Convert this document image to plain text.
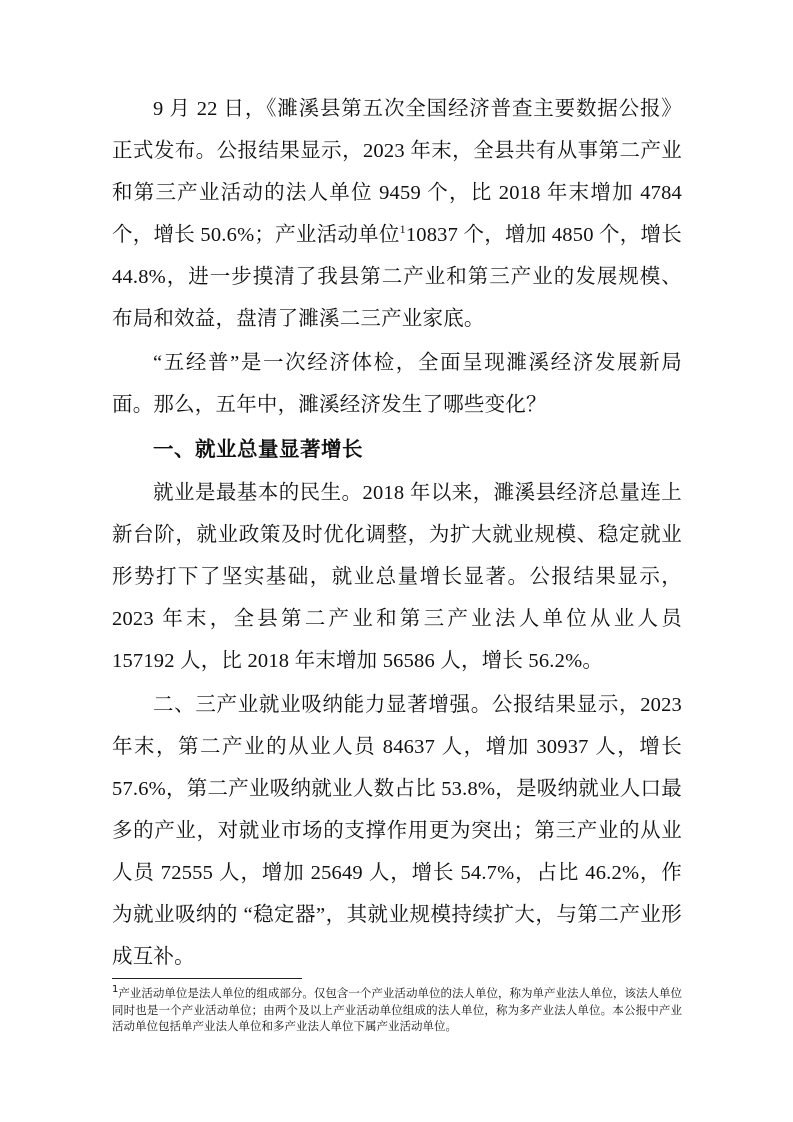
9 月 22 日，《濉溪县第五次全国经济普查主要数据公报》正式发布。公报结果显示，2023 年末，全县共有从事第二产业和第三产业活动的法人单位 9459 个，比 2018 年末增加 4784 个，增长 50.6%；产业活动单位$^1$10837 个，增加 4850 个，增长 44.8%，进一步摸清了我县第二产业和第三产业的发展规模、布局和效益，盘清了濉溪二三产业家底。

“五经普”是一次经济体检，全面呈现濉溪经济发展新局面。那么，五年中，濉溪经济发生了哪些变化？

一、就业总量显著增长

就业是最基本的民生。2018 年以来，濉溪县经济总量连上新台阶，就业政策及时优化调整，为扩大就业规模、稳定就业形势打下了坚实基础，就业总量增长显著。公报结果显示，2023 年末，全县第二产业和第三产业法人单位从业人员 157192 人，比 2018 年末增加 56586 人，增长 56.2%。

二、三产业就业吸纳能力显著增强。公报结果显示，2023 年末，第二产业的从业人员 84637 人，增加 30937 人，增长 57.6%，第二产业吸纳就业人数占比 53.8%，是吸纳就业人口最多的产业，对就业市场的支撑作用更为突出；第三产业的从业人员 72555 人，增加 25649 人，增长 54.7%，占比 46.2%，作为就业吸纳的 “稳定器”，其就业规模持续扩大，与第二产业形成互补。

1产业活动单位是法人单位的组成部分。仅包含一个产业活动单位的法人单位，称为单产业法人单位，该法人单位同时也是一个产业活动单位；由两个及以上产业活动单位组成的法人单位，称为多产业法人单位。本公报中产业活动单位包括单产业法人单位和多产业法人单位下属产业活动单位。
